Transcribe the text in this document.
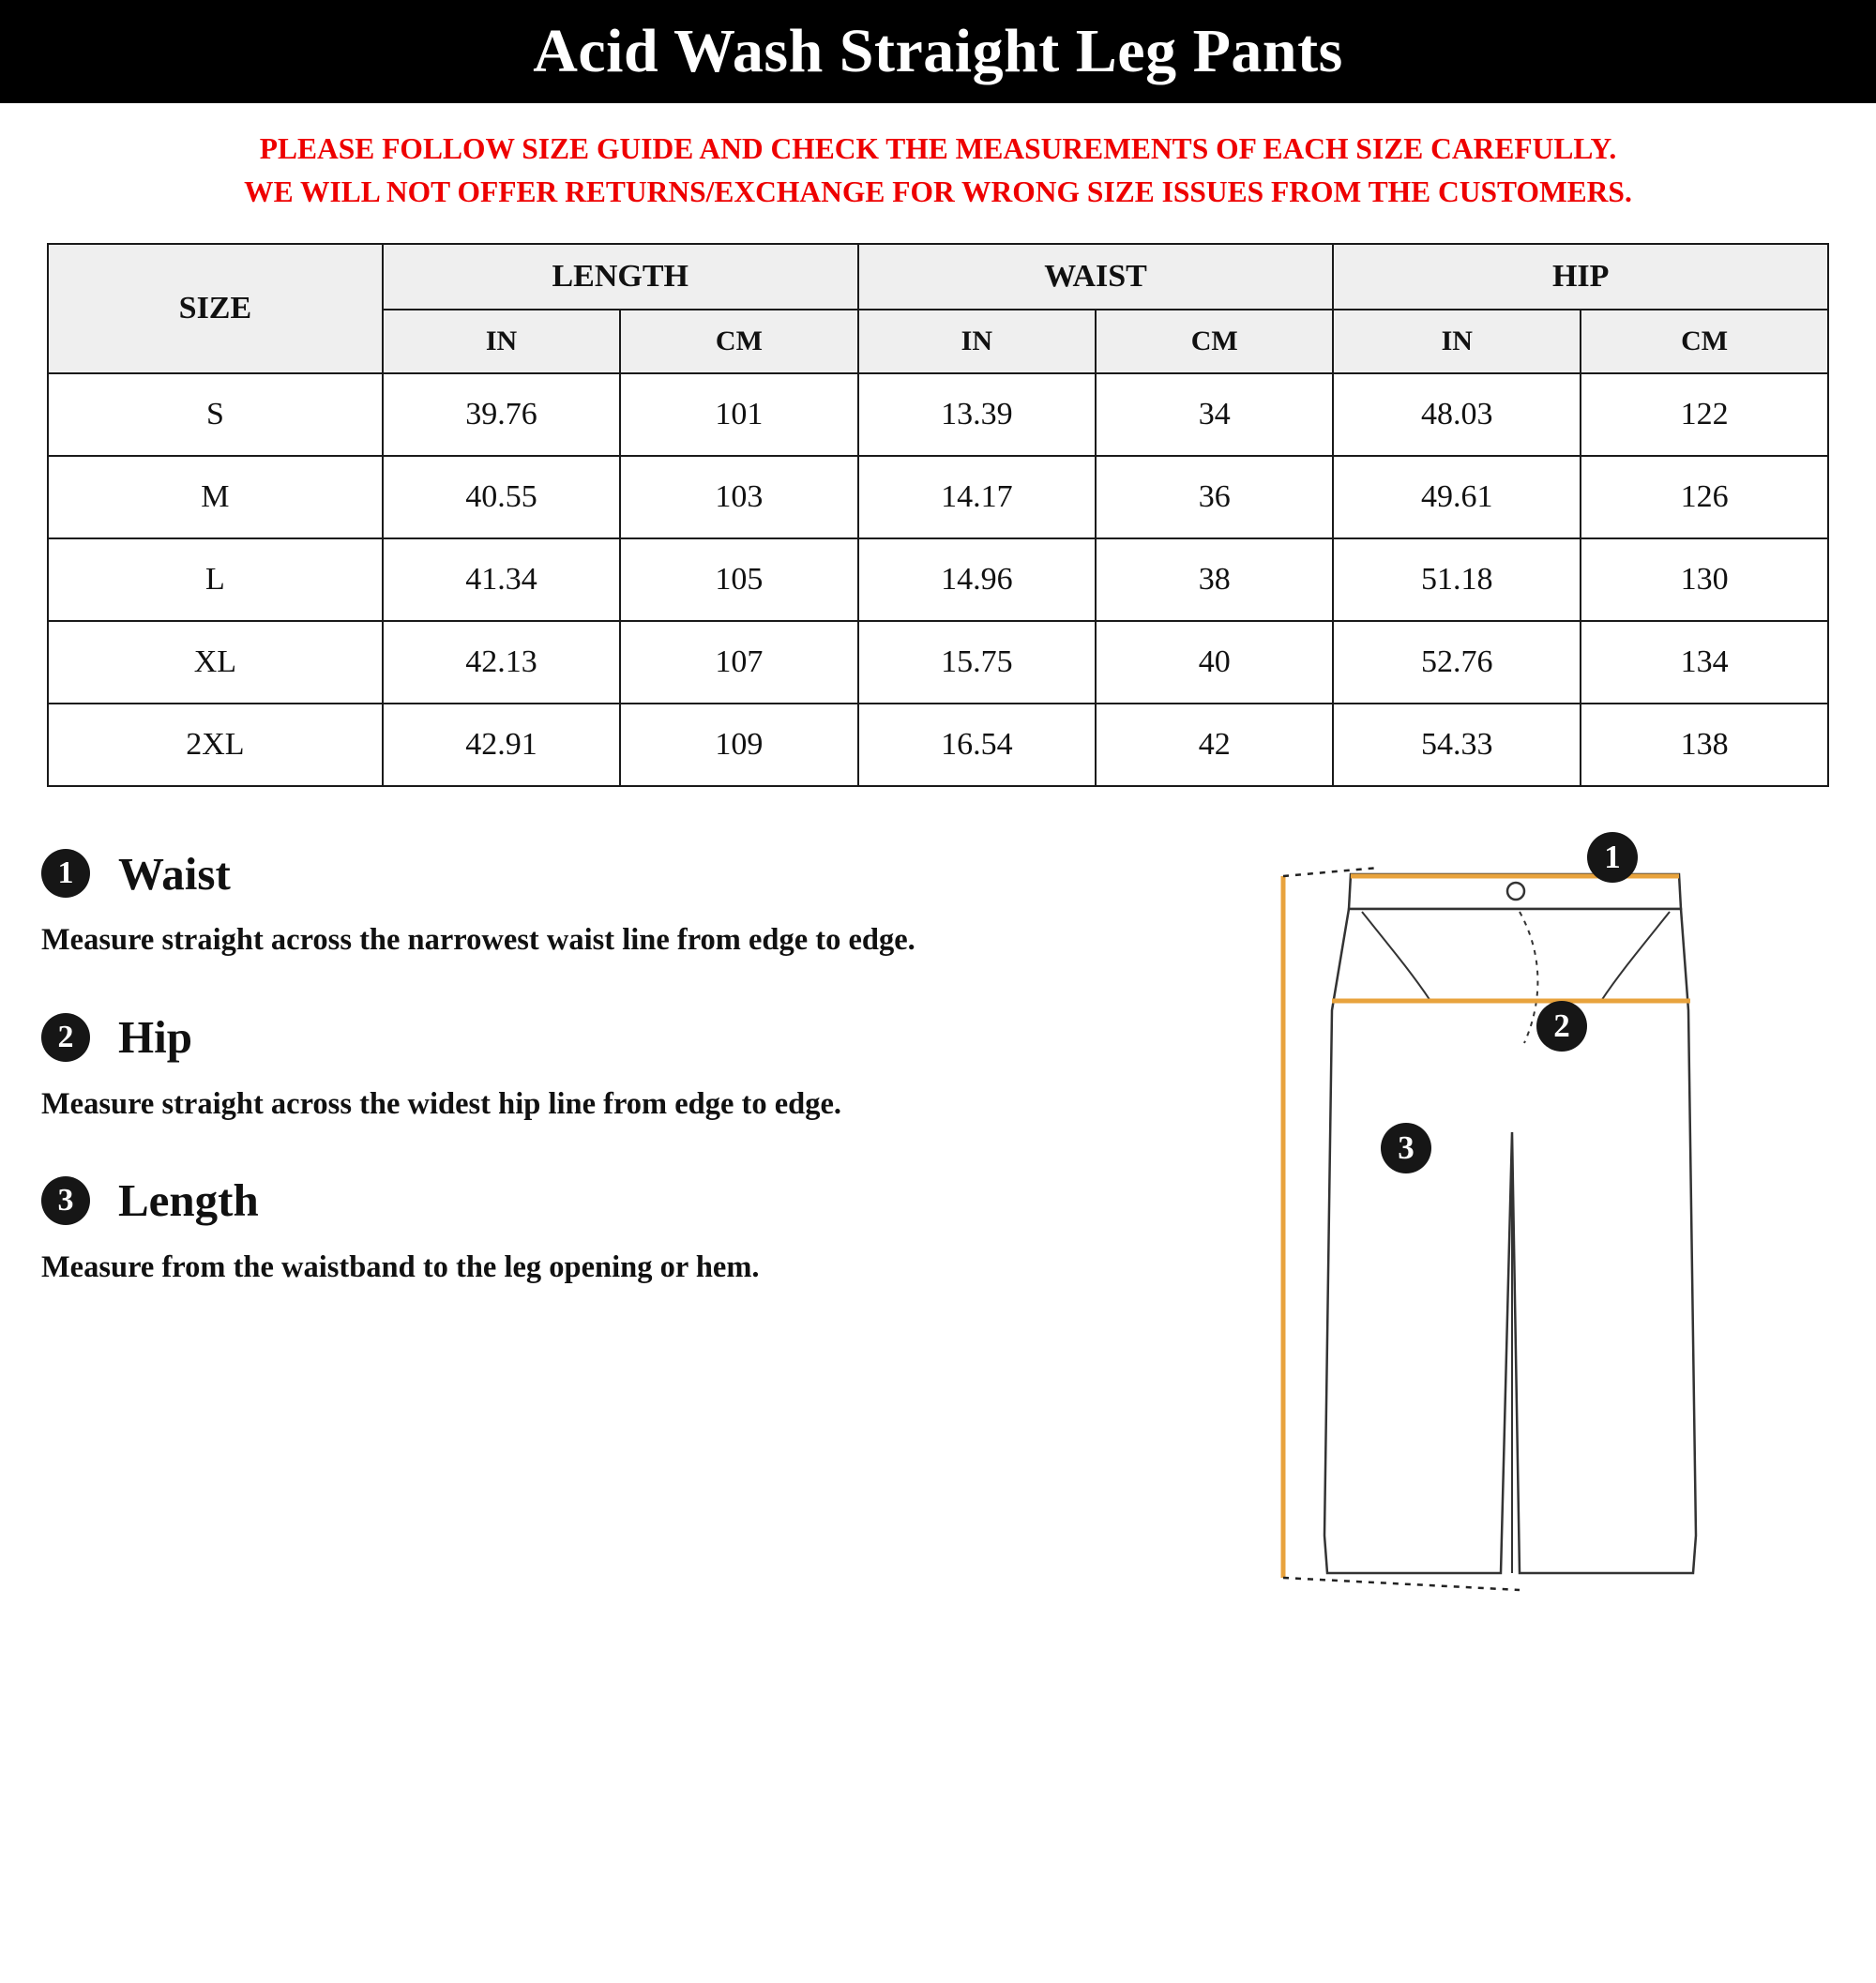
Acid Wash Straight Leg Pants
PLEASE FOLLOW SIZE GUIDE AND CHECK THE MEASUREMENTS OF EACH SIZE CAREFULLY.
WE WILL NOT OFFER RETURNS/EXCHANGE FOR WRONG SIZE ISSUES FROM THE CUSTOMERS.
SIZE	LENGTH		WAIST		HIP	
	IN	CM	IN	CM	IN	CM
S	39.76	101	13.39	34	48.03	122
M	40.55	103	14.17	36	49.61	126
L	41.34	105	14.96	38	51.18	130
XL	42.13	107	15.75	40	52.76	134
2XL	42.91	109	16.54	42	54.33	138
1 Waist
Measure straight across the narrowest waist line from edge to edge.
2 Hip
Measure straight across the widest hip line from edge to edge.
3 Length
Measure from the waistband to the leg opening or hem.
1
2
3
